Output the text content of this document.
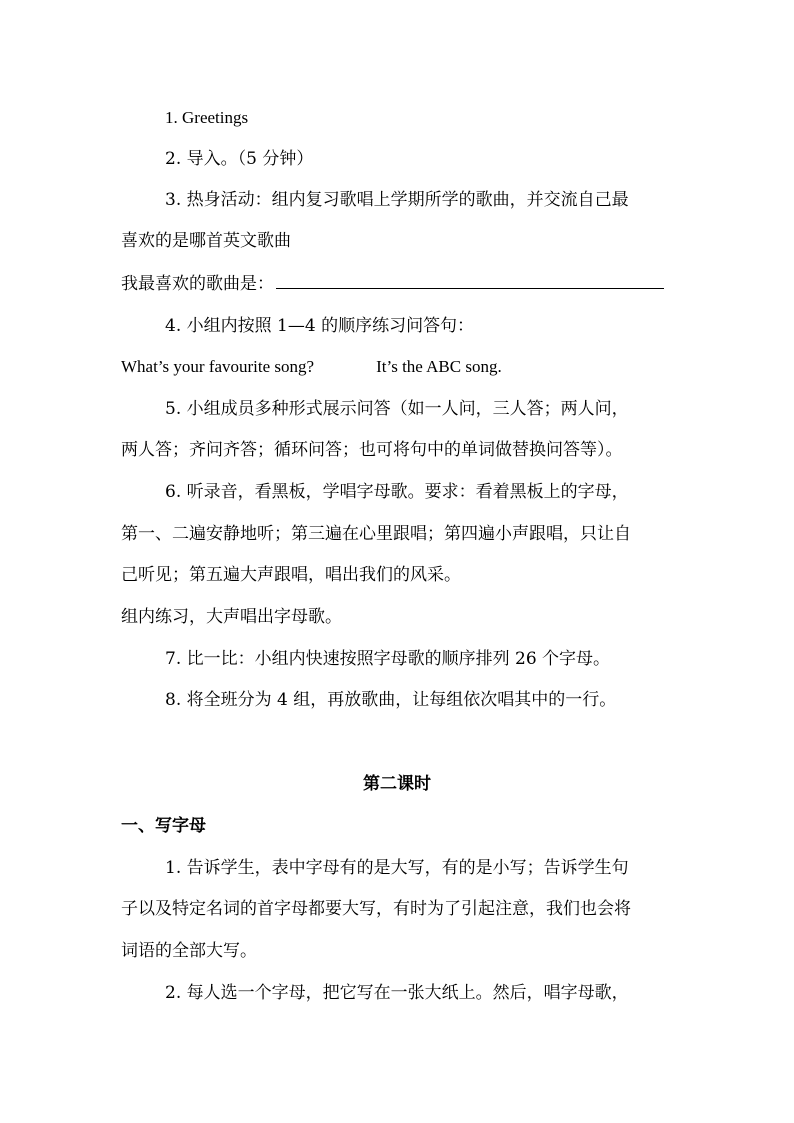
1. Greetings
2. 导入。（5 分钟）
3. 热身活动：组内复习歌唱上学期所学的歌曲，并交流自己最
喜欢的是哪首英文歌曲
我最喜欢的歌曲是：
4. 小组内按照 1—4 的顺序练习问答句：
What’s your favourite song?	It’s the ABC song.
5. 小组成员多种形式展示问答（如一人问，三人答；两人问，
两人答；齐问齐答；循环问答；也可将句中的单词做替换问答等）。
6. 听录音，看黑板，学唱字母歌。要求：看着黑板上的字母，
第一、二遍安静地听；第三遍在心里跟唱；第四遍小声跟唱，只让自
己听见；第五遍大声跟唱，唱出我们的风采。
组内练习，大声唱出字母歌。
7. 比一比：小组内快速按照字母歌的顺序排列 26 个字母。
8. 将全班分为 4 组，再放歌曲，让每组依次唱其中的一行。
第二课时
一、写字母
1. 告诉学生，表中字母有的是大写，有的是小写；告诉学生句
子以及特定名词的首字母都要大写，有时为了引起注意，我们也会将
词语的全部大写。
2. 每人选一个字母，把它写在一张大纸上。然后，唱字母歌，
